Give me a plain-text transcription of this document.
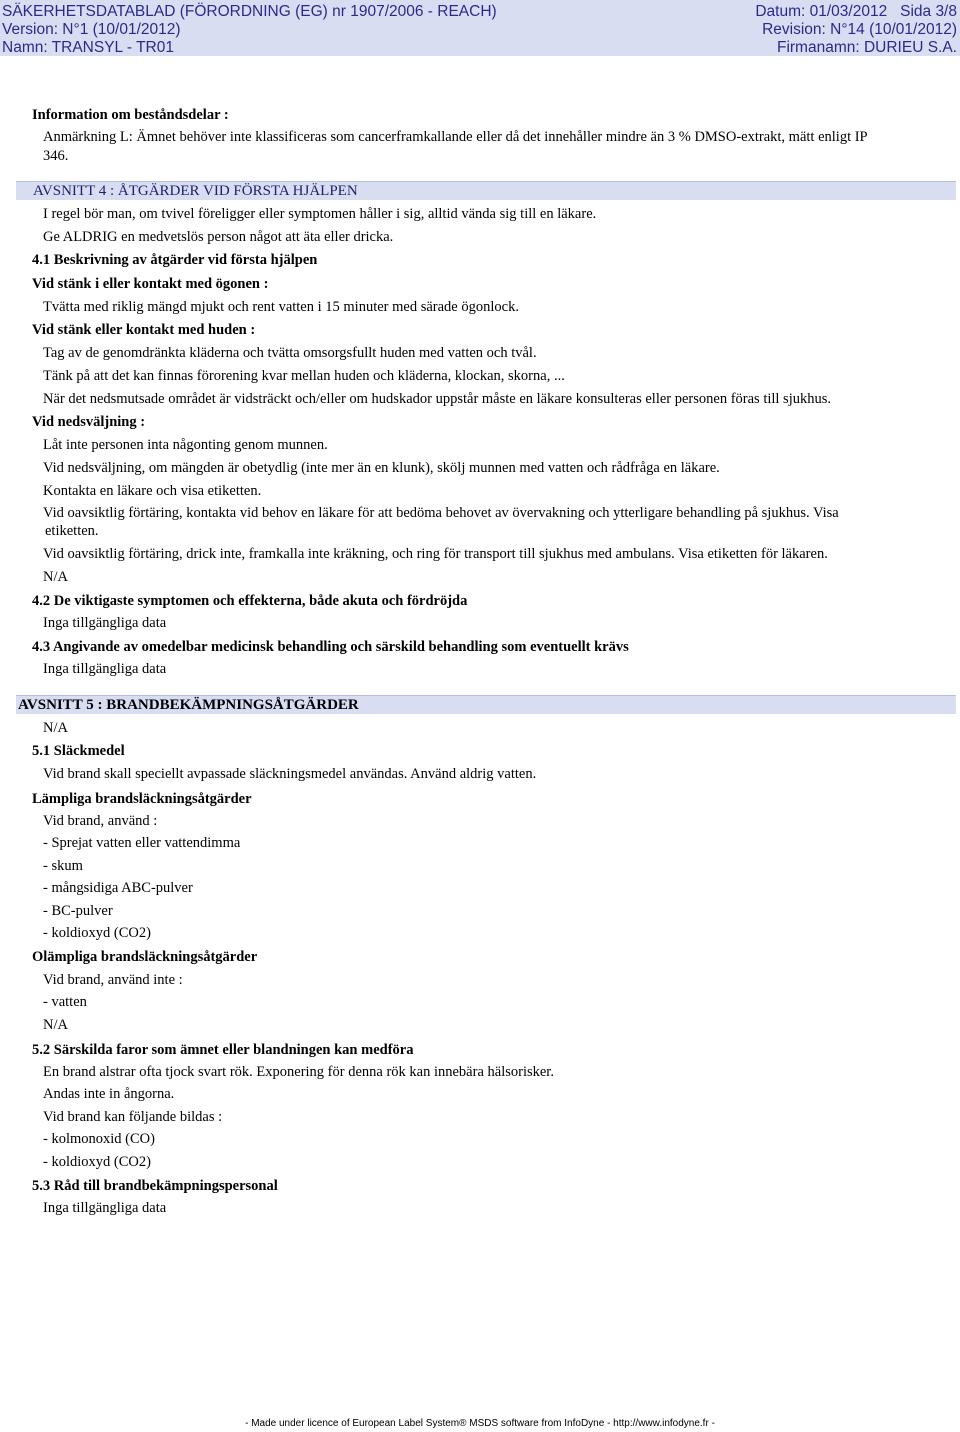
SÄKERHETSDATABLAD (FÖRORDNING (EG) nr 1907/2006 - REACH)	Datum: 01/03/2012 Sida 3/8
Version: N°1 (10/01/2012)	Revision: N°14 (10/01/2012)
Namn: TRANSYL - TR01	Firmanamn: DURIEU S.A.
Information om beståndsdelar :
Anmärkning L: Ämnet behöver inte klassificeras som cancerframkallande eller då det innehåller mindre än 3 % DMSO-extrakt, mätt enligt IP
346.
AVSNITT 4 : ÅTGÄRDER VID FÖRSTA HJÄLPEN
I regel bör man, om tvivel föreligger eller symptomen håller i sig, alltid vända sig till en läkare.
Ge ALDRIG en medvetslös person något att äta eller dricka.
4.1 Beskrivning av åtgärder vid första hjälpen
Vid stänk i eller kontakt med ögonen :
Tvätta med riklig mängd mjukt och rent vatten i 15 minuter med särade ögonlock.
Vid stänk eller kontakt med huden :
Tag av de genomdränkta kläderna och tvätta omsorgsfullt huden med vatten och tvål.
Tänk på att det kan finnas förorening kvar mellan huden och kläderna, klockan, skorna, ...
När det nedsmutsade området är vidsträckt och/eller om hudskador uppstår måste en läkare konsulteras eller personen föras till sjukhus.
Vid nedsväljning :
Låt inte personen inta någonting genom munnen.
Vid nedsväljning, om mängden är obetydlig (inte mer än en klunk), skölj munnen med vatten och rådfråga en läkare.
Kontakta en läkare och visa etiketten.
Vid oavsiktlig förtäring, kontakta vid behov en läkare för att bedöma behovet av övervakning och ytterligare behandling på sjukhus. Visa
etiketten.
Vid oavsiktlig förtäring, drick inte, framkalla inte kräkning, och ring för transport till sjukhus med ambulans. Visa etiketten för läkaren.
N/A
4.2 De viktigaste symptomen och effekterna, både akuta och fördröjda
Inga tillgängliga data
4.3 Angivande av omedelbar medicinsk behandling och särskild behandling som eventuellt krävs
Inga tillgängliga data
AVSNITT 5 : BRANDBEKÄMPNINGSÅTGÄRDER
N/A
5.1 Släckmedel
Vid brand skall speciellt avpassade släckningsmedel användas. Använd aldrig vatten.
Lämpliga brandsläckningsåtgärder
Vid brand, använd :
- Sprejat vatten eller vattendimma
- skum
- mångsidiga ABC-pulver
- BC-pulver
- koldioxyd (CO2)
Olämpliga brandsläckningsåtgärder
Vid brand, använd inte :
- vatten
N/A
5.2 Särskilda faror som ämnet eller blandningen kan medföra
En brand alstrar ofta tjock svart rök. Exponering för denna rök kan innebära hälsorisker.
Andas inte in ångorna.
Vid brand kan följande bildas :
- kolmonoxid (CO)
- koldioxyd (CO2)
5.3 Råd till brandbekämpningspersonal
Inga tillgängliga data
- Made under licence of European Label System® MSDS software from InfoDyne - http://www.infodyne.fr -
